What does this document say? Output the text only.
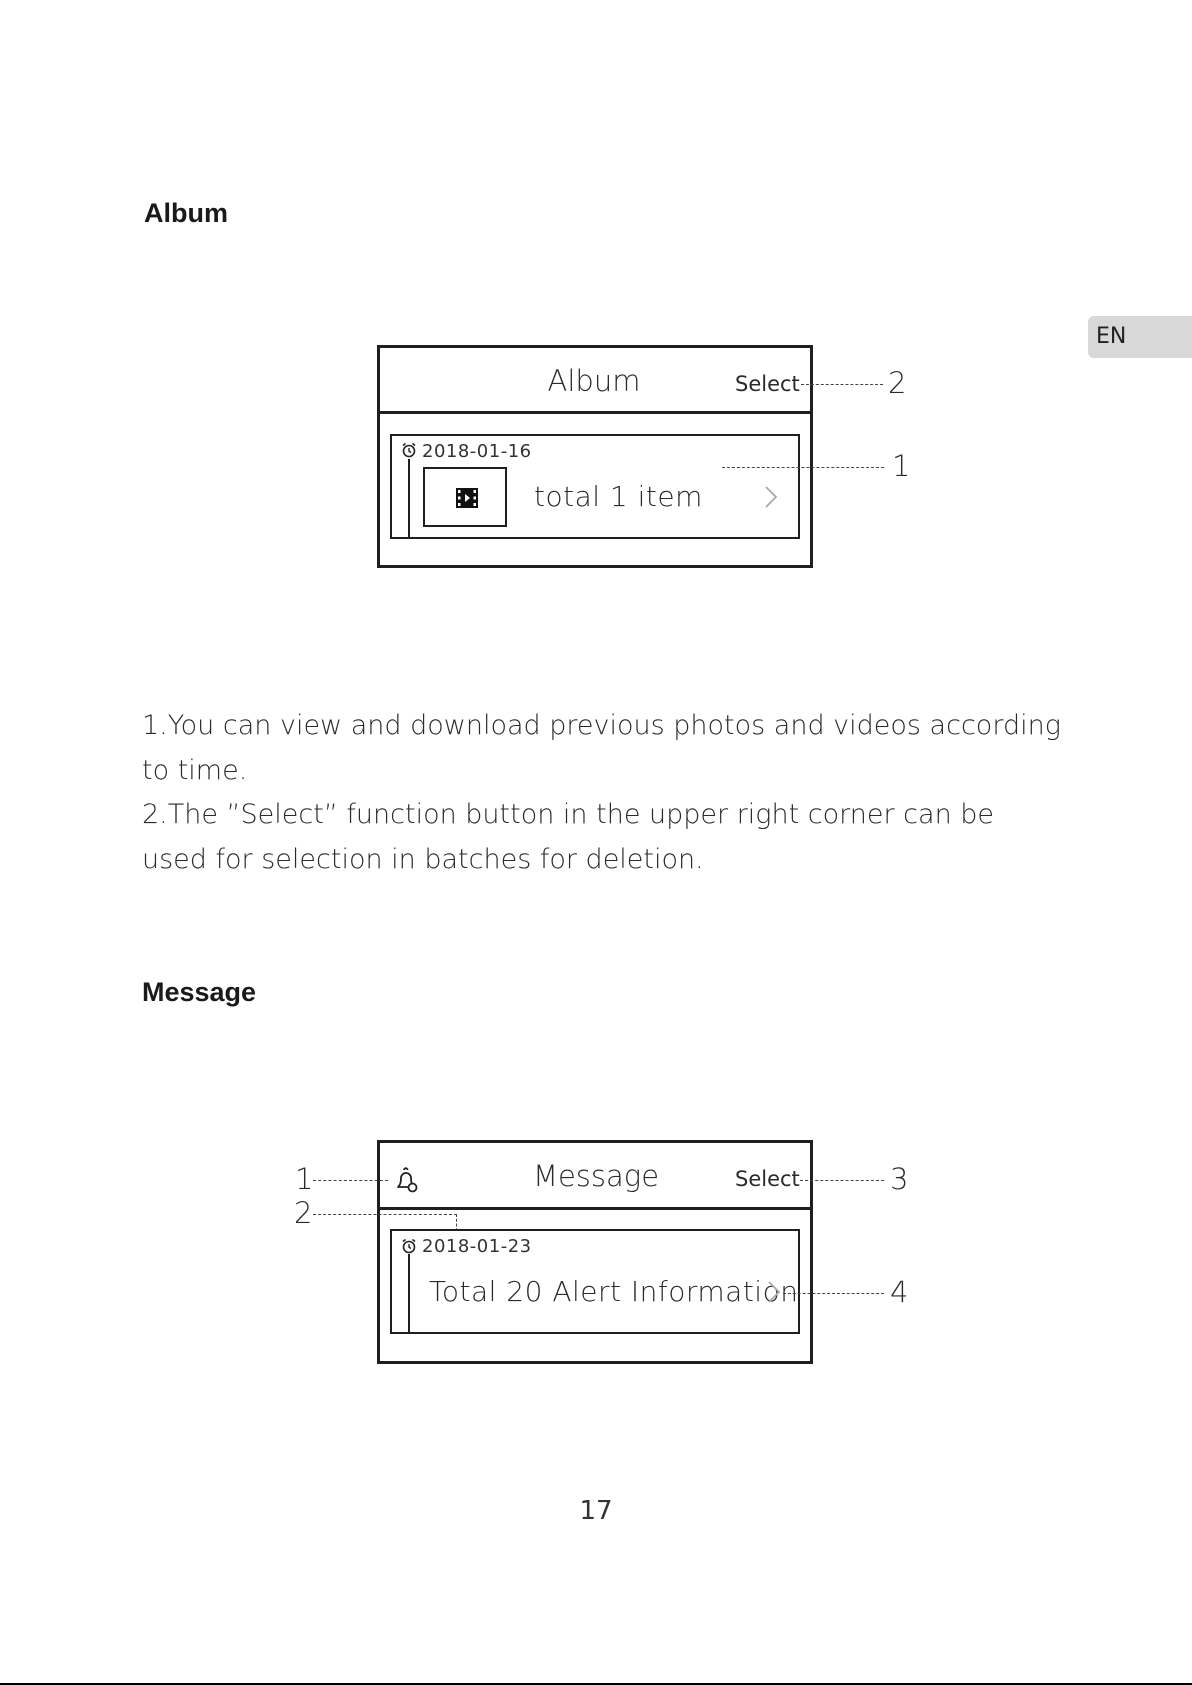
EN
Album
Album	Select	2
2018-01-16
total 1 item
1
1.You can view and download previous photos and videos according to time.
2.The ”Select” function button in the upper right corner can be used for selection in batches for deletion.
Message
Message	Select
1
2
3
2018-01-23
Total 20 Alert Information	4
17
